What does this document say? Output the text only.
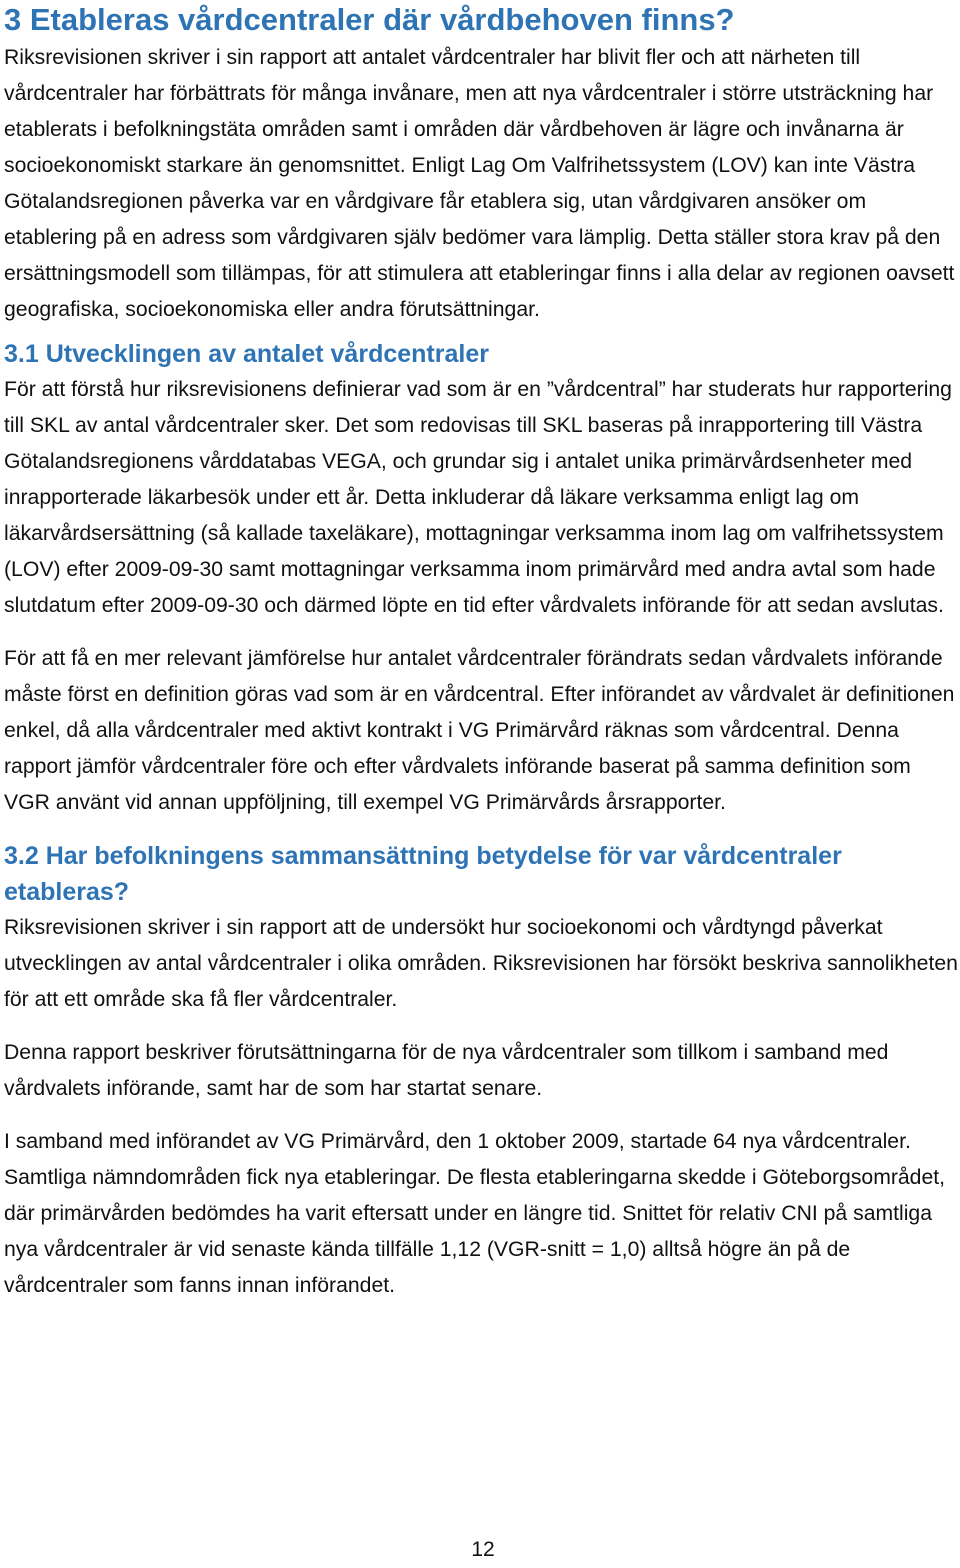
3 Etableras vårdcentraler där vårdbehoven finns?

Riksrevisionen skriver i sin rapport att antalet vårdcentraler har blivit fler och att närheten till vårdcentraler har förbättrats för många invånare, men att nya vårdcentraler i större utsträckning har etablerats i befolkningstäta områden samt i områden där vårdbehoven är lägre och invånarna är socioekonomiskt starkare än genomsnittet. Enligt Lag Om Valfrihetssystem (LOV) kan inte Västra Götalandsregionen påverka var en vårdgivare får etablera sig, utan vårdgivaren ansöker om etablering på en adress som vårdgivaren själv bedömer vara lämplig. Detta ställer stora krav på den ersättningsmodell som tillämpas, för att stimulera att etableringar finns i alla delar av regionen oavsett geografiska, socioekonomiska eller andra förutsättningar.

3.1 Utvecklingen av antalet vårdcentraler

För att förstå hur riksrevisionens definierar vad som är en ”vårdcentral” har studerats hur rapportering till SKL av antal vårdcentraler sker. Det som redovisas till SKL baseras på inrapportering till Västra Götalandsregionens vårddatabas VEGA, och grundar sig i antalet unika primärvårdsenheter med inrapporterade läkarbesök under ett år. Detta inkluderar då läkare verksamma enligt lag om läkarvårdsersättning (så kallade taxeläkare), mottagningar verksamma inom lag om valfrihetssystem (LOV) efter 2009-09-30 samt mottagningar verksamma inom primärvård med andra avtal som hade slutdatum efter 2009-09-30 och därmed löpte en tid efter vårdvalets införande för att sedan avslutas.

För att få en mer relevant jämförelse hur antalet vårdcentraler förändrats sedan vårdvalets införande måste först en definition göras vad som är en vårdcentral. Efter införandet av vårdvalet är definitionen enkel, då alla vårdcentraler med aktivt kontrakt i VG Primärvård räknas som vårdcentral. Denna rapport jämför vårdcentraler före och efter vårdvalets införande baserat på samma definition som VGR använt vid annan uppföljning, till exempel VG Primärvårds årsrapporter.

3.2 Har befolkningens sammansättning betydelse för var vårdcentraler etableras?

Riksrevisionen skriver i sin rapport att de undersökt hur socioekonomi och vårdtyngd påverkat utvecklingen av antal vårdcentraler i olika områden. Riksrevisionen har försökt beskriva sannolikheten för att ett område ska få fler vårdcentraler.

Denna rapport beskriver förutsättningarna för de nya vårdcentraler som tillkom i samband med vårdvalets införande, samt har de som har startat senare.

I samband med införandet av VG Primärvård, den 1 oktober 2009, startade 64 nya vårdcentraler. Samtliga nämndområden fick nya etableringar. De flesta etableringarna skedde i Göteborgsområdet, där primärvården bedömdes ha varit eftersatt under en längre tid. Snittet för relativ CNI på samtliga nya vårdcentraler är vid senaste kända tillfälle 1,12 (VGR-snitt = 1,0) alltså högre än på de vårdcentraler som fanns innan införandet.

12
